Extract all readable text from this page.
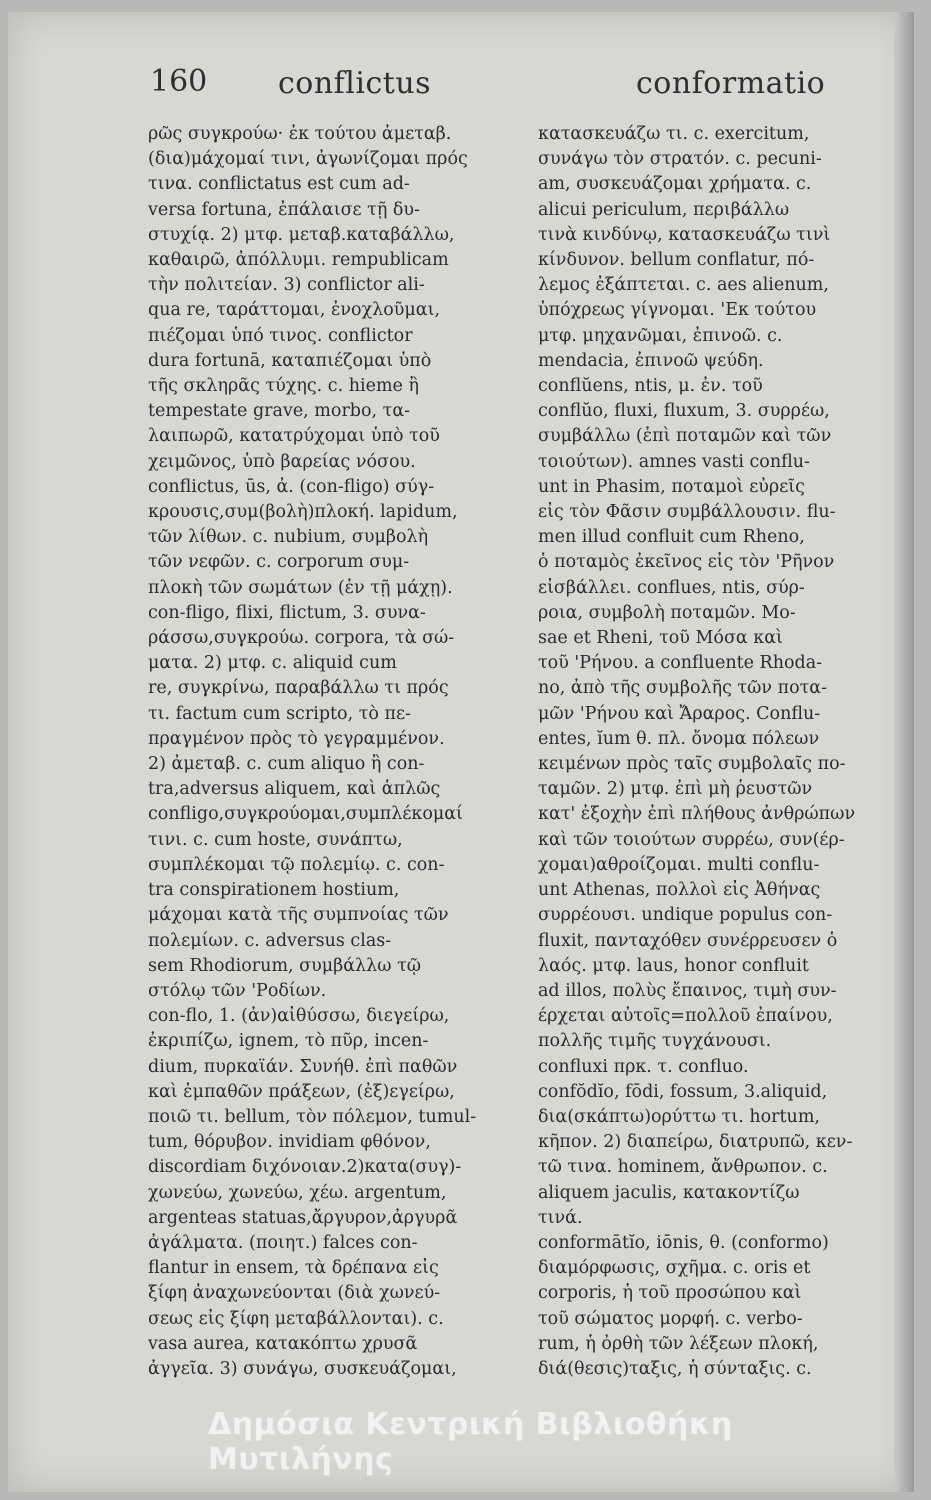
160 conflictus	conformatio
ρῶς συγκρούω· ἐκ τούτου ἀμεταβ.
(δια)μάχομαί τινι, ἀγωνίζομαι πρός
τινα. conflictatus est cum ad-
versa fortuna, ἐπάλαισε τῇ δυ-
στυχίᾳ. 2) μτφ. μεταβ.καταβάλλω,
καθαιρῶ, ἀπόλλυμι. rempublicam
τὴν πολιτείαν. 3) conflictor ali-
qua re, ταράττομαι, ἐνοχλοῦμαι,
πιέζομαι ὑπό τινος. conflictor
dura fortunā, καταπιέζομαι ὑπὸ
τῆς σκληρᾶς τύχης. c. hieme ἢ
tempestate grave, morbo, τα-
λαιπωρῶ, κατατρύχομαι ὑπὸ τοῦ
χειμῶνος, ὑπὸ βαρείας νόσου.
conflictus, ūs, ἀ. (con-fligo) σύγ-
κρουσις,συμ(βολὴ)πλοκή. lapidum,
τῶν λίθων. c. nubium, συμβολὴ
τῶν νεφῶν. c. corporum συμ-
πλοκὴ τῶν σωμάτων (ἐν τῇ μάχῃ).
con-fligo, flixi, flictum, 3. συνα-
ράσσω,συγκρούω. corpora, τὰ σώ-
ματα. 2) μτφ. c. aliquid cum
re, συγκρίνω, παραβάλλω τι πρός
τι. factum cum scripto, τὸ πε-
πραγμένον πρὸς τὸ γεγραμμένον.
2) ἀμεταβ. c. cum aliquo ἢ con-
tra,adversus aliquem, καὶ ἁπλῶς
confligo,συγκρούομαι,συμπλέκομαί
τινι. c. cum hoste, συνάπτω,
συμπλέκομαι τῷ πολεμίῳ. c. con-
tra conspirationem hostium,
μάχομαι κατὰ τῆς συμπνοίας τῶν
πολεμίων. c. adversus clas-
sem Rhodiorum, συμβάλλω τῷ
στόλῳ τῶν 'Ροδίων.
con-flo, 1. (ἀν)αἰθύσσω, διεγείρω,
ἐκριπίζω, ignem, τὸ πῦρ, incen-
dium, πυρκαϊάν. Συνήθ. ἐπὶ παθῶν
καὶ ἐμπαθῶν πράξεων, (ἐξ)εγείρω,
ποιῶ τι. bellum, τὸν πόλεμον, tumul-
tum, θόρυβον. invidiam φθόνον,
discordiam διχόνοιαν.2)κατα(συγ)-
χωνεύω, χωνεύω, χέω. argentum,
argenteas statuas,ἄργυρον,ἀργυρᾶ
ἀγάλματα. (ποιητ.) falces con-
flantur in ensem, τὰ δρέπανα εἰς
ξίφη ἀναχωνεύονται (διὰ χωνεύ-
σεως εἰς ξίφη μεταβάλλονται). c.
vasa aurea, κατακόπτω χρυσᾶ
ἀγγεῖα. 3) συνάγω, συσκευάζομαι,
κατασκευάζω τι. c. exercitum,
συνάγω τὸν στρατόν. c. pecuni-
am, συσκευάζομαι χρήματα. c.
alicui periculum, περιβάλλω
τινὰ κινδύνῳ, κατασκευάζω τινὶ
κίνδυνον. bellum conflatur, πό-
λεμος ἐξάπτεται. c. aes alienum,
ὑπόχρεως γίγνομαι. 'Εκ τούτου
μτφ. μηχανῶμαι, ἐπινοῶ. c.
mendacia, ἐπινοῶ ψεύδη.
conflŭens, ntis, μ. ἐν. τοῦ
conflŭo, fluxi, fluxum, 3. συρρέω,
συμβάλλω (ἐπὶ ποταμῶν καὶ τῶν
τοιούτων). amnes vasti conflu-
unt in Phasim, ποταμοὶ εὐρεῖς
εἰς τὸν Φᾶσιν συμβάλλουσιν. flu-
men illud confluit cum Rheno,
ὁ ποταμὸς ἐκεῖνος εἰς τὸν 'Ρῆνον
εἰσβάλλει. conflues, ntis, σύρ-
ροια, συμβολὴ ποταμῶν. Mo-
sae et Rheni, τοῦ Μόσα καὶ
τοῦ 'Ρήνου. a confluente Rhoda-
no, ἀπὸ τῆς συμβολῆς τῶν ποτα-
μῶν 'Ρήνου καὶ Ἄραρος. Conflu-
entes, ĭum θ. πλ. ὄνομα πόλεων
κειμένων πρὸς ταῖς συμβολαῖς πο-
ταμῶν. 2) μτφ. ἐπὶ μὴ ῥευστῶν
κατ' ἐξοχὴν ἐπὶ πλήθους ἀνθρώπων
καὶ τῶν τοιούτων συρρέω, συν(έρ-
χομαι)αθροίζομαι. multi conflu-
unt Athenas, πολλοὶ εἰς Ἀθήνας
συρρέουσι. undique populus con-
fluxit, πανταχόθεν συνέρρευσεν ὁ
λαός. μτφ. laus, honor confluit
ad illos, πολὺς ἔπαινος, τιμὴ συν-
έρχεται αὐτοῖς=πολλοῦ ἐπαίνου,
πολλῆς τιμῆς τυγχάνουσι.
confluxi πρκ. τ. confluo.
confŏdĭo, fōdi, fossum, 3.aliquid,
δια(σκάπτω)ορύττω τι. hortum,
κῆπον. 2) διαπείρω, διατρυπῶ, κεν-
τῶ τινα. hominem, ἄνθρωπον. c.
aliquem jaculis, κατακοντίζω
τινά.
conformātĭo, iōnis, θ. (conformo)
διαμόρφωσις, σχῆμα. c. oris et
corporis, ἡ τοῦ προσώπου καὶ
τοῦ σώματος μορφή. c. verbo-
rum, ἡ ὀρθὴ τῶν λέξεων πλοκή,
διά(θεσις)ταξις, ἡ σύνταξις. c.
Δημόσια Κεντρική Βιβλιοθήκη Μυτιλήνης
